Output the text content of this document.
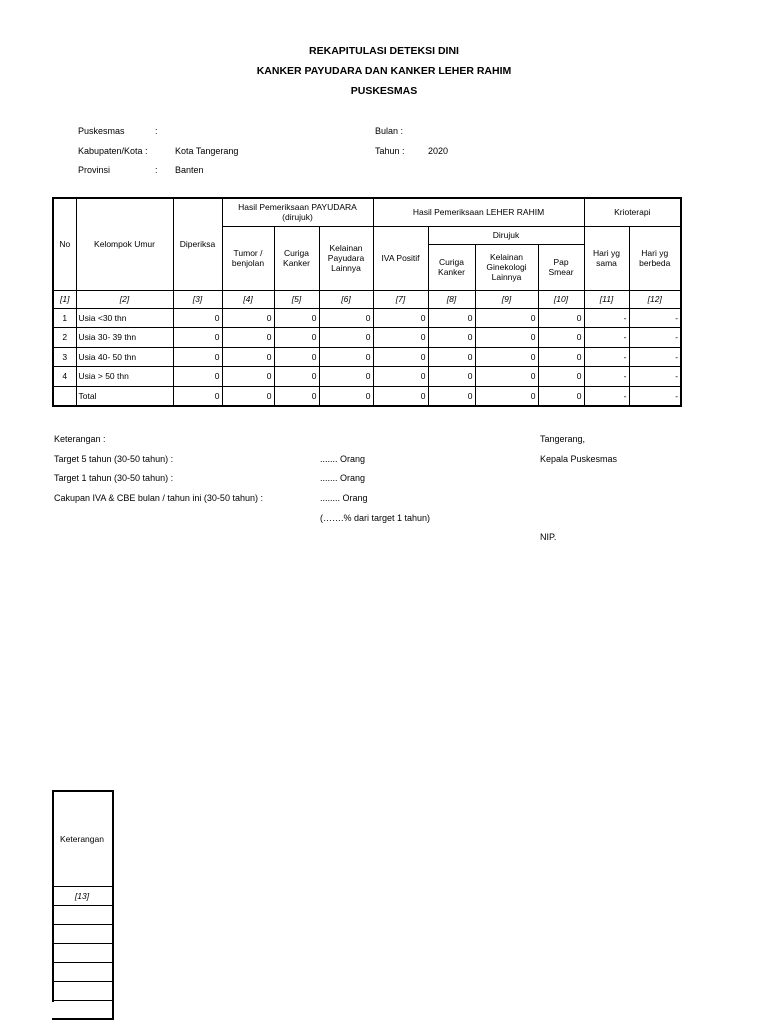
REKAPITULASI DETEKSI DINI
KANKER PAYUDARA DAN KANKER LEHER RAHIM
PUSKESMAS
Puskesmas	:
Kabupaten/Kota :	Kota Tangerang
Provinsi	: Banten
Bulan :
Tahun :	2020
No	Kelompok Umur	Diperiksa	Hasil Pemeriksaan PAYUDARA (dirujuk)			Hasil Pemeriksaan LEHER RAHIM				Krioterapi	
			Tumor / benjolan	Curiga Kanker	Kelainan Payudara Lainnya	IVA Positif	Dirujuk			Hari yg sama	Hari yg berbeda
							Curiga Kanker	Kelainan Ginekologi Lainnya	Pap Smear		
[1]	[2]	[3]	[4]	[5]	[6]	[7]	[8]	[9]	[10]	[11]	[12]
1	Usia <30 thn	0	0	0	0	0	0	0	0	-	-
2	Usia 30- 39 thn	0	0	0	0	0	0	0	0	-	-
3	Usia 40- 50 thn	0	0	0	0	0	0	0	0	-	-
4	Usia > 50 thn	0	0	0	0	0	0	0	0	-	-
	Total	0	0	0	0	0	0	0	0	-	-
Keterangan :
Target 5 tahun (30-50 tahun) :	....... Orang
Target 1 tahun (30-50 tahun) :	....... Orang
Cakupan IVA & CBE bulan / tahun ini (30-50 tahun) :	........ Orang
(…….% dari target 1 tahun)
Tangerang,
Kepala Puskesmas
NIP.
Keterangan
[13]
